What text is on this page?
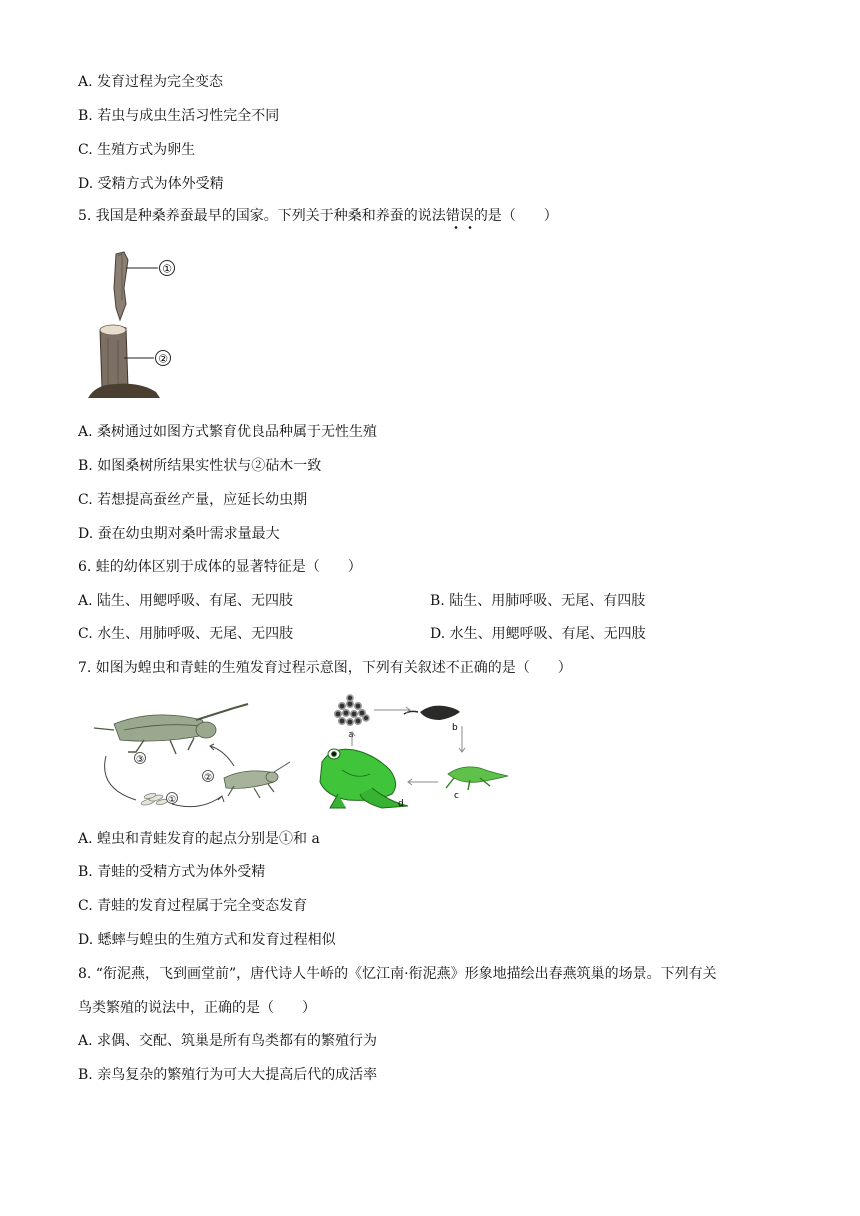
A. 发育过程为完全变态
B. 若虫与成虫生活习性完全不同
C. 生殖方式为卵生
D. 受精方式为体外受精
5. 我国是种桑养蚕最早的国家。下列关于种桑和养蚕的说法错误的是（　　）
①
②
A. 桑树通过如图方式繁育优良品种属于无性生殖
B. 如图桑树所结果实性状与②砧木一致
C. 若想提高蚕丝产量，应延长幼虫期
D. 蚕在幼虫期对桑叶需求量最大
6. 蛙的幼体区别于成体的显著特征是（　　）
A. 陆生、用鳃呼吸、有尾、无四肢	B. 陆生、用肺呼吸、无尾、有四肢
C. 水生、用肺呼吸、无尾、无四肢	D. 水生、用鳃呼吸、有尾、无四肢
7. 如图为蝗虫和青蛙的生殖发育过程示意图，下列有关叙述不正确的是（　　）
③
②
①
a
b
c
d
A. 蝗虫和青蛙发育的起点分别是①和 a
B. 青蛙的受精方式为体外受精
C. 青蛙的发育过程属于完全变态发育
D. 蟋蟀与蝗虫的生殖方式和发育过程相似
8. “衔泥燕，飞到画堂前”，唐代诗人牛峤的《忆江南·衔泥燕》形象地描绘出春燕筑巢的场景。下列有关
鸟类繁殖的说法中，正确的是（　　）
A. 求偶、交配、筑巢是所有鸟类都有的繁殖行为
B. 亲鸟复杂的繁殖行为可大大提高后代的成活率
